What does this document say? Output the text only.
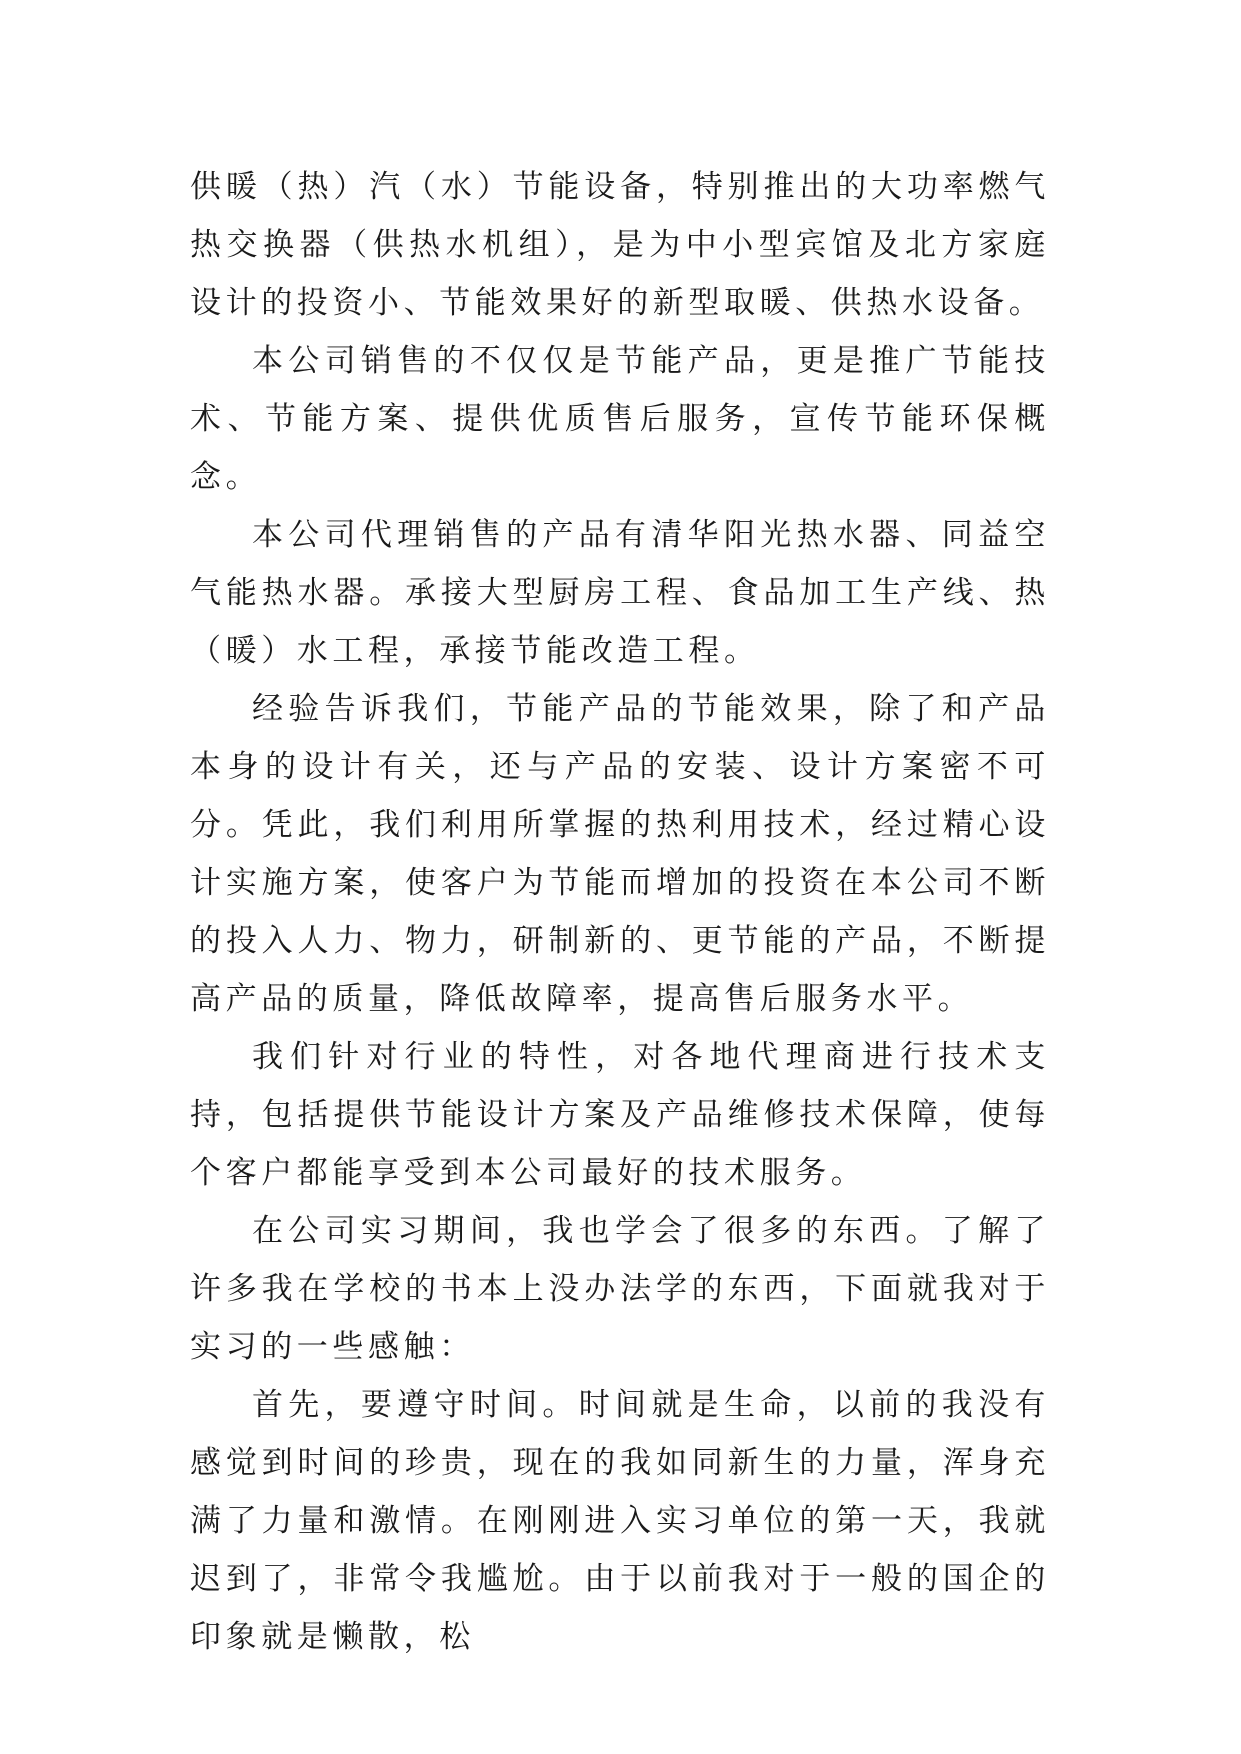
供暖（热）汽（水）节能设备，特别推出的大功率燃气热交换器（供热水机组），是为中小型宾馆及北方家庭设计的投资小、节能效果好的新型取暖、供热水设备。

本公司销售的不仅仅是节能产品，更是推广节能技术、节能方案、提供优质售后服务，宣传节能环保概念。

本公司代理销售的产品有清华阳光热水器、同益空气能热水器。承接大型厨房工程、食品加工生产线、热（暖）水工程，承接节能改造工程。

经验告诉我们，节能产品的节能效果，除了和产品本身的设计有关，还与产品的安装、设计方案密不可分。凭此，我们利用所掌握的热利用技术，经过精心设计实施方案，使客户为节能而增加的投资在本公司不断的投入人力、物力，研制新的、更节能的产品，不断提高产品的质量，降低故障率，提高售后服务水平。

我们针对行业的特性，对各地代理商进行技术支持，包括提供节能设计方案及产品维修技术保障，使每个客户都能享受到本公司最好的技术服务。

在公司实习期间，我也学会了很多的东西。了解了许多我在学校的书本上没办法学的东西，下面就我对于实习的一些感触：

首先，要遵守时间。时间就是生命，以前的我没有感觉到时间的珍贵，现在的我如同新生的力量，浑身充满了力量和激情。在刚刚进入实习单位的第一天，我就迟到了，非常令我尴尬。由于以前我对于一般的国企的印象就是懒散，松
